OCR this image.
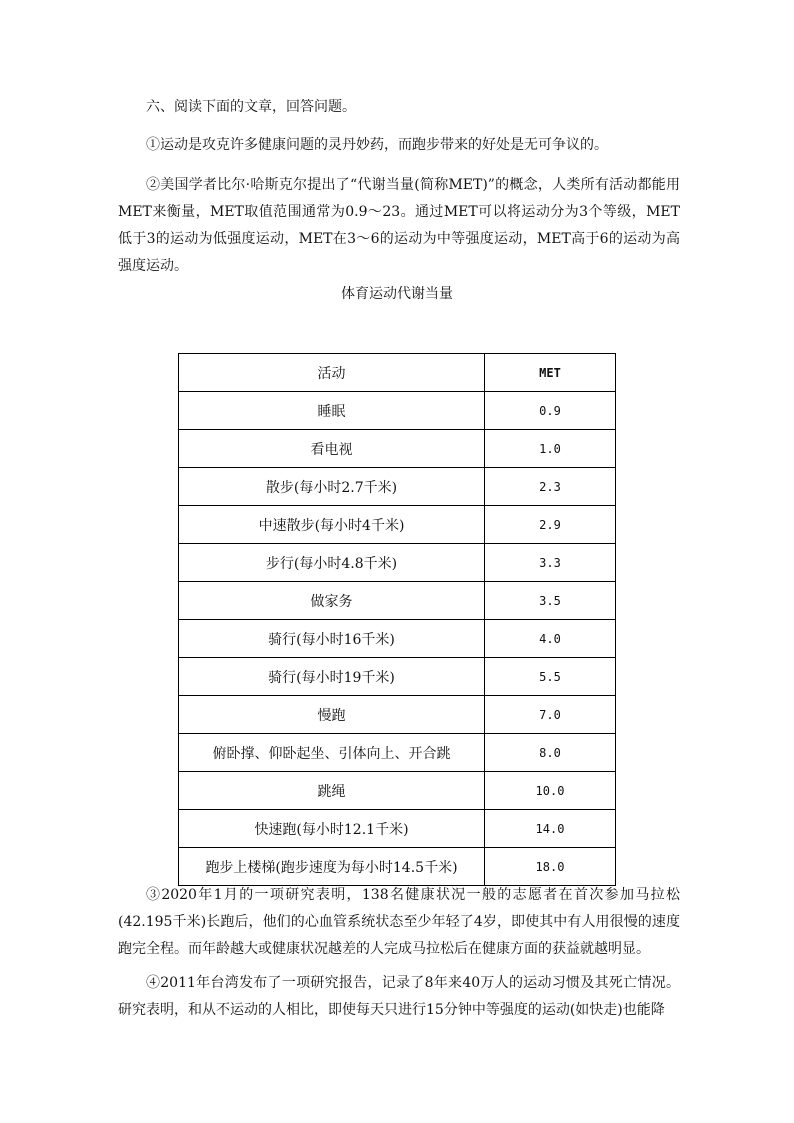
六、阅读下面的文章，回答问题。

①运动是攻克许多健康问题的灵丹妙药，而跑步带来的好处是无可争议的。

②美国学者比尔·哈斯克尔提出了“代谢当量(简称MET)”的概念，人类所有活动都能用MET来衡量，MET取值范围通常为0.9～23。通过MET可以将运动分为3个等级，MET低于3的运动为低强度运动，MET在3～6的运动为中等强度运动，MET高于6的运动为高强度运动。

体育运动代谢当量

活动	MET
睡眠	0.9
看电视	1.0
散步(每小时2.7千米)	2.3
中速散步(每小时4千米)	2.9
步行(每小时4.8千米)	3.3
做家务	3.5
骑行(每小时16千米)	4.0
骑行(每小时19千米)	5.5
慢跑	7.0
俯卧撑、仰卧起坐、引体向上、开合跳	8.0
跳绳	10.0
快速跑(每小时12.1千米)	14.0
跑步上楼梯(跑步速度为每小时14.5千米)	18.0

③2020年1月的一项研究表明，138名健康状况一般的志愿者在首次参加马拉松(42.195千米)长跑后，他们的心血管系统状态至少年轻了4岁，即使其中有人用很慢的速度跑完全程。而年龄越大或健康状况越差的人完成马拉松后在健康方面的获益就越明显。

④2011年台湾发布了一项研究报告，记录了8年来40万人的运动习惯及其死亡情况。研究表明，和从不运动的人相比，即使每天只进行15分钟中等强度的运动(如快走)也能降
